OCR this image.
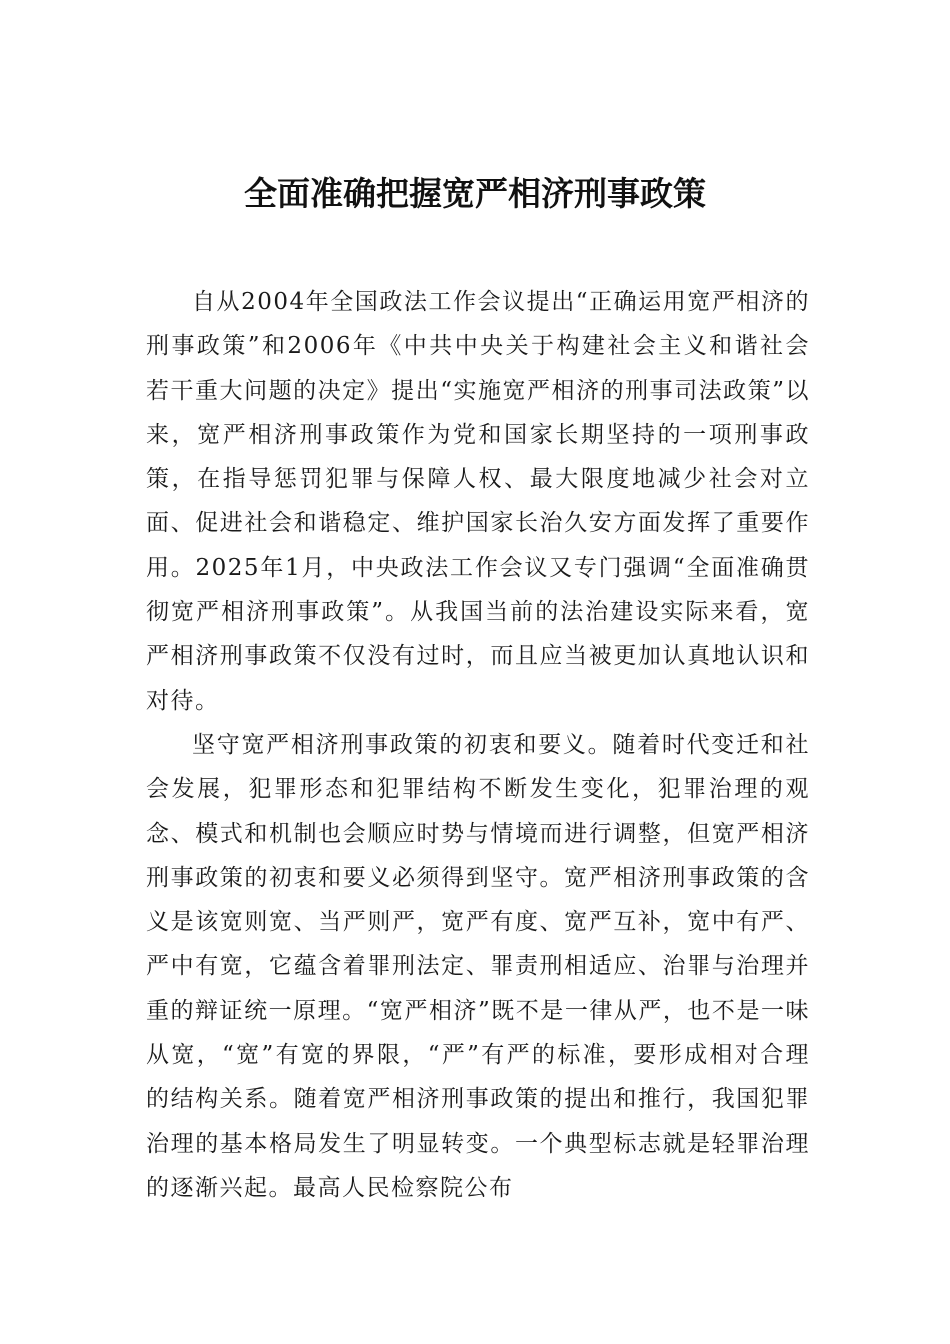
全面准确把握宽严相济刑事政策

自从2004年全国政法工作会议提出“正确运用宽严相济的刑事政策”和2006年《中共中央关于构建社会主义和谐社会若干重大问题的决定》提出“实施宽严相济的刑事司法政策”以来，宽严相济刑事政策作为党和国家长期坚持的一项刑事政策，在指导惩罚犯罪与保障人权、最大限度地减少社会对立面、促进社会和谐稳定、维护国家长治久安方面发挥了重要作用。2025年1月，中央政法工作会议又专门强调“全面准确贯彻宽严相济刑事政策”。从我国当前的法治建设实际来看，宽严相济刑事政策不仅没有过时，而且应当被更加认真地认识和对待。

坚守宽严相济刑事政策的初衷和要义。随着时代变迁和社会发展，犯罪形态和犯罪结构不断发生变化，犯罪治理的观念、模式和机制也会顺应时势与情境而进行调整，但宽严相济刑事政策的初衷和要义必须得到坚守。宽严相济刑事政策的含义是该宽则宽、当严则严，宽严有度、宽严互补，宽中有严、严中有宽，它蕴含着罪刑法定、罪责刑相适应、治罪与治理并重的辩证统一原理。“宽严相济”既不是一律从严，也不是一味从宽，“宽”有宽的界限，“严”有严的标准，要形成相对合理的结构关系。随着宽严相济刑事政策的提出和推行，我国犯罪治理的基本格局发生了明显转变。一个典型标志就是轻罪治理的逐渐兴起。最高人民检察院公布
